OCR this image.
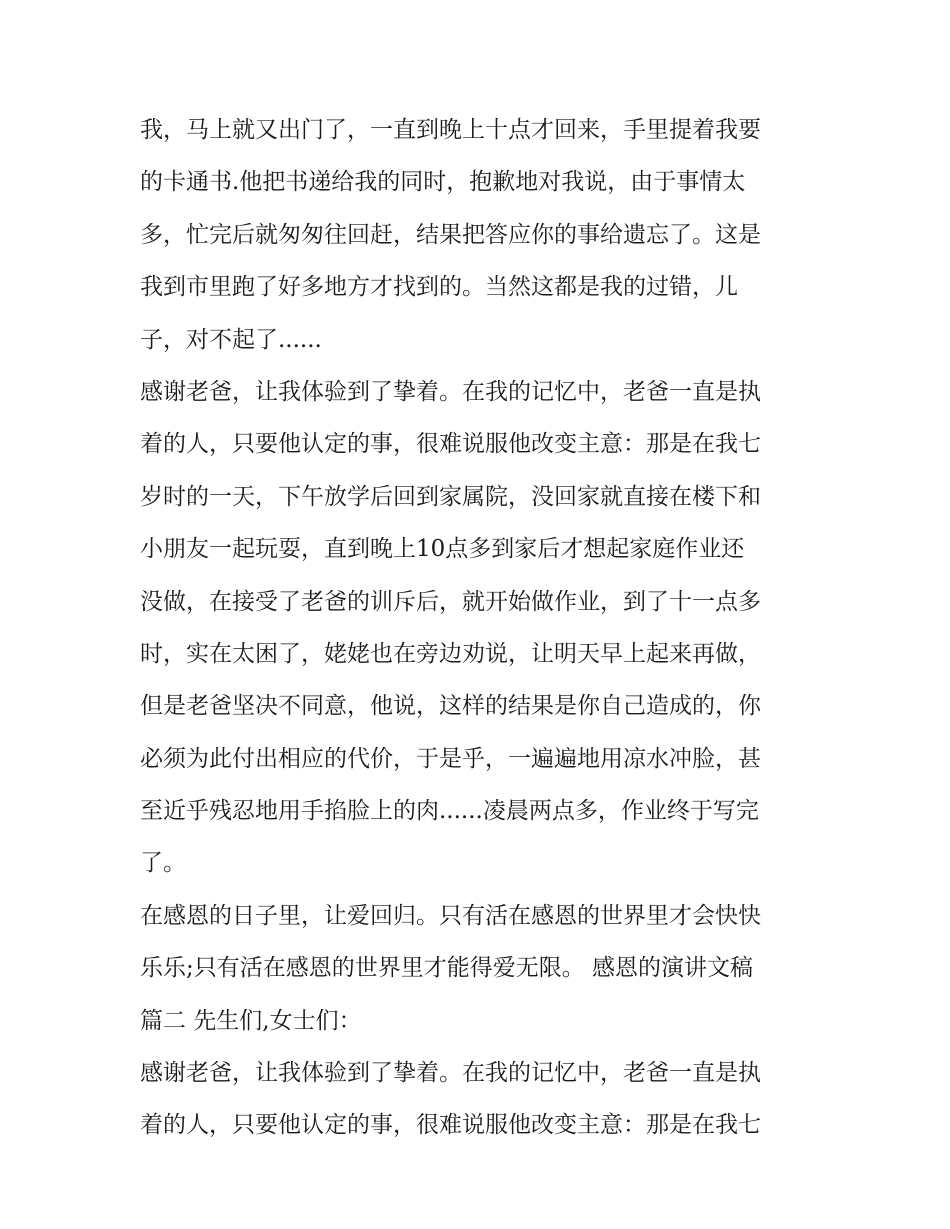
我，马上就又出门了，一直到晚上十点才回来，手里提着我要
的卡通书.他把书递给我的同时，抱歉地对我说，由于事情太
多，忙完后就匆匆往回赶，结果把答应你的事给遗忘了。这是
我到市里跑了好多地方才找到的。当然这都是我的过错，儿
子，对不起了......
感谢老爸，让我体验到了挚着。在我的记忆中，老爸一直是执
着的人，只要他认定的事，很难说服他改变主意：那是在我七
岁时的一天，下午放学后回到家属院，没回家就直接在楼下和
小朋友一起玩耍，直到晚上10点多到家后才想起家庭作业还
没做，在接受了老爸的训斥后，就开始做作业，到了十一点多
时，实在太困了，姥姥也在旁边劝说，让明天早上起来再做，
但是老爸坚决不同意，他说，这样的结果是你自己造成的，你
必须为此付出相应的代价，于是乎，一遍遍地用凉水冲脸，甚
至近乎残忍地用手掐脸上的肉......凌晨两点多，作业终于写完
了。
在感恩的日子里，让爱回归。只有活在感恩的世界里才会快快
乐乐;只有活在感恩的世界里才能得爱无限。 感恩的演讲文稿
篇二 先生们,女士们：
感谢老爸，让我体验到了挚着。在我的记忆中，老爸一直是执
着的人，只要他认定的事，很难说服他改变主意：那是在我七
